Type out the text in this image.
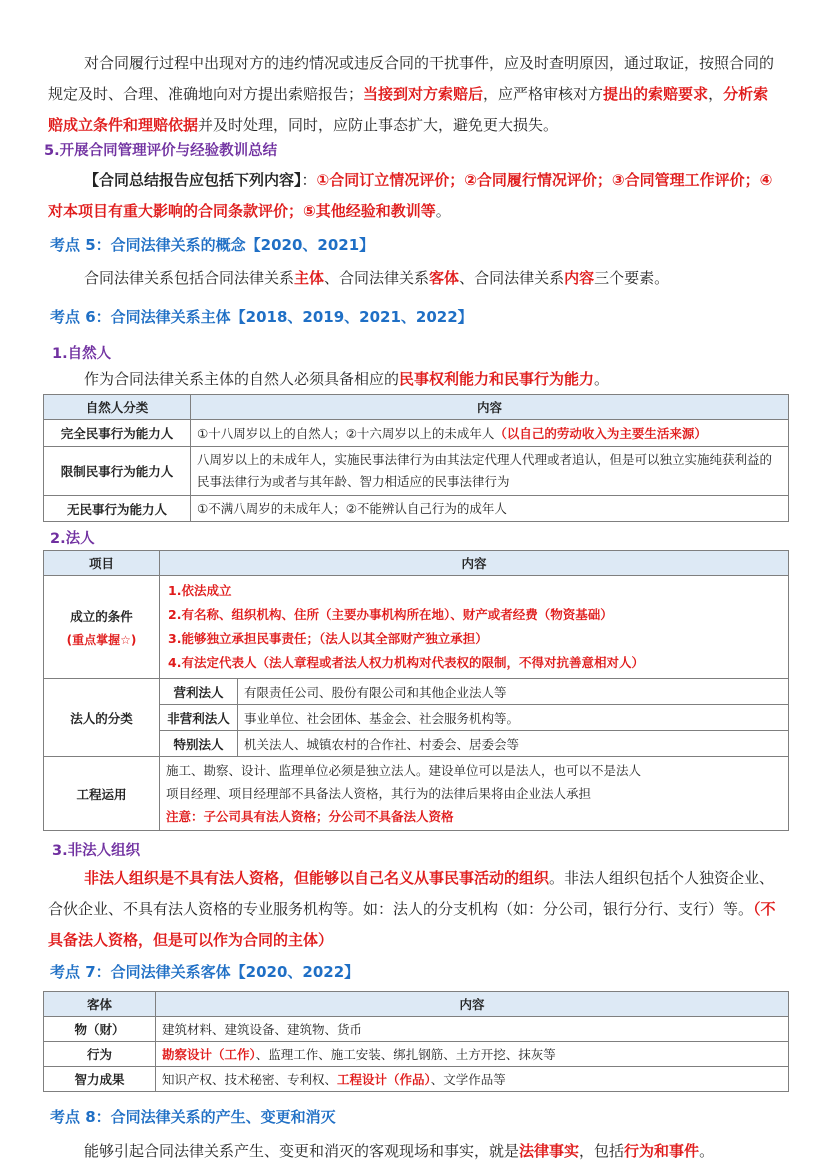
对合同履行过程中出现对方的违约情况或违反合同的干扰事件，应及时查明原因，通过取证，按照合同的规定及时、合理、准确地向对方提出索赔报告；当接到对方索赔后，应严格审核对方提出的索赔要求，分析索赔成立条件和理赔依据并及时处理，同时，应防止事态扩大，避免更大损失。

5.开展合同管理评价与经验教训总结

【合同总结报告应包括下列内容】：①合同订立情况评价；②合同履行情况评价；③合同管理工作评价；④对本项目有重大影响的合同条款评价；⑤其他经验和教训等。

考点 5：合同法律关系的概念【2020、2021】

合同法律关系包括合同法律关系主体、合同法律关系客体、合同法律关系内容三个要素。

考点 6：合同法律关系主体【2018、2019、2021、2022】

1.自然人

作为合同法律关系主体的自然人必须具备相应的民事权利能力和民事行为能力。

自然人分类	内容
完全民事行为能力人	①十八周岁以上的自然人；②十六周岁以上的未成年人（以自己的劳动收入为主要生活来源）
限制民事行为能力人	八周岁以上的未成年人，实施民事法律行为由其法定代理人代理或者追认，但是可以独立实施纯获利益的民事法律行为或者与其年龄、智力相适应的民事法律行为
无民事行为能力人	①不满八周岁的未成年人；②不能辨认自己行为的成年人

2.法人

项目	内容	
成立的条件
(重点掌握☆)	1.依法成立
2.有名称、组织机构、住所（主要办事机构所在地）、财产或者经费（物资基础）
3.能够独立承担民事责任；（法人以其全部财产独立承担）
4.有法定代表人（法人章程或者法人权力机构对代表权的限制，不得对抗善意相对人）	

法人的分类	营利法人	有限责任公司、股份有限公司和其他企业法人等
	非营利法人	事业单位、社会团体、基金会、社会服务机构等。
	特别法人	机关法人、城镇农村的合作社、村委会、居委会等
工程运用	施工、勘察、设计、监理单位必须是独立法人。建设单位可以是法人，也可以不是法人
项目经理、项目经理部不具备法人资格，其行为的法律后果将由企业法人承担
注意：子公司具有法人资格；分公司不具备法人资格	

3.非法人组织

非法人组织是不具有法人资格，但能够以自己名义从事民事活动的组织。非法人组织包括个人独资企业、合伙企业、不具有法人资格的专业服务机构等。如：法人的分支机构（如：分公司，银行分行、支行）等。（不具备法人资格，但是可以作为合同的主体）

考点 7：合同法律关系客体【2020、2022】

客体	内容
物（财）	建筑材料、建筑设备、建筑物、货币
行为	勘察设计（工作）、监理工作、施工安装、绑扎钢筋、土方开挖、抹灰等
智力成果	知识产权、技术秘密、专利权、工程设计（作品）、文学作品等

考点 8：合同法律关系的产生、变更和消灭

能够引起合同法律关系产生、变更和消灭的客观现场和事实，就是法律事实，包括行为和事件。
